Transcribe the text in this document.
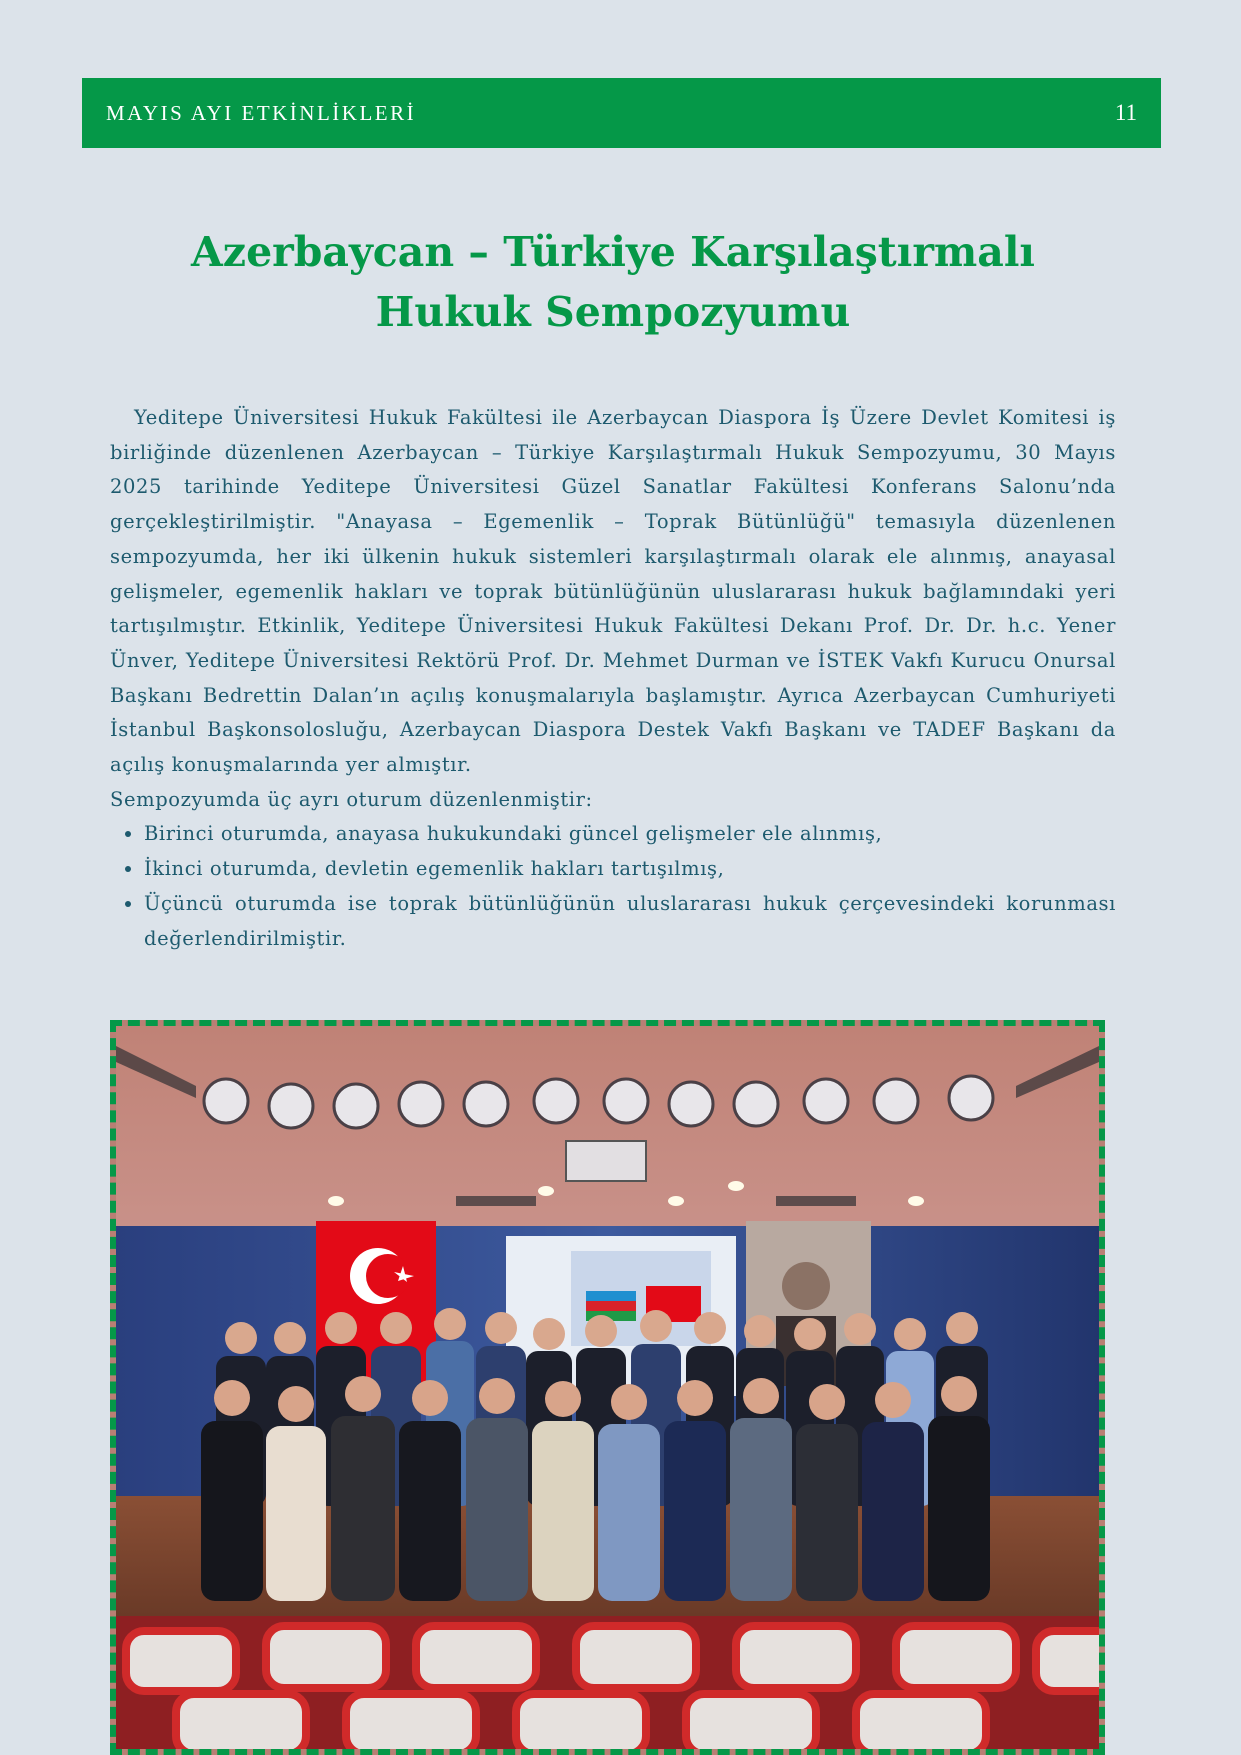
MAYIS AYI ETKİNLİKLERİ	11
Azerbaycan – Türkiye Karşılaştırmalı Hukuk Sempozyumu

Yeditepe Üniversitesi Hukuk Fakültesi ile Azerbaycan Diaspora İş Üzere Devlet Komitesi iş birliğinde düzenlenen Azerbaycan – Türkiye Karşılaştırmalı Hukuk Sempozyumu, 30 Mayıs 2025 tarihinde Yeditepe Üniversitesi Güzel Sanatlar Fakültesi Konferans Salonu’nda gerçekleştirilmiştir. "Anayasa – Egemenlik – Toprak Bütünlüğü" temasıyla düzenlenen sempozyumda, her iki ülkenin hukuk sistemleri karşılaştırmalı olarak ele alınmış, anayasal gelişmeler, egemenlik hakları ve toprak bütünlüğünün uluslararası hukuk bağlamındaki yeri tartışılmıştır. Etkinlik, Yeditepe Üniversitesi Hukuk Fakültesi Dekanı Prof. Dr. Dr. h.c. Yener Ünver, Yeditepe Üniversitesi Rektörü Prof. Dr. Mehmet Durman ve İSTEK Vakfı Kurucu Onursal Başkanı Bedrettin Dalan’ın açılış konuşmalarıyla başlamıştır. Ayrıca Azerbaycan Cumhuriyeti İstanbul Başkonsolosluğu, Azerbaycan Diaspora Destek Vakfı Başkanı ve TADEF Başkanı da açılış konuşmalarında yer almıştır.

Sempozyumda üç ayrı oturum düzenlenmiştir:

• Birinci oturumda, anayasa hukukundaki güncel gelişmeler ele alınmış,
• İkinci oturumda, devletin egemenlik hakları tartışılmış,
• Üçüncü oturumda ise toprak bütünlüğünün uluslararası hukuk çerçevesindeki korunması değerlendirilmiştir.
